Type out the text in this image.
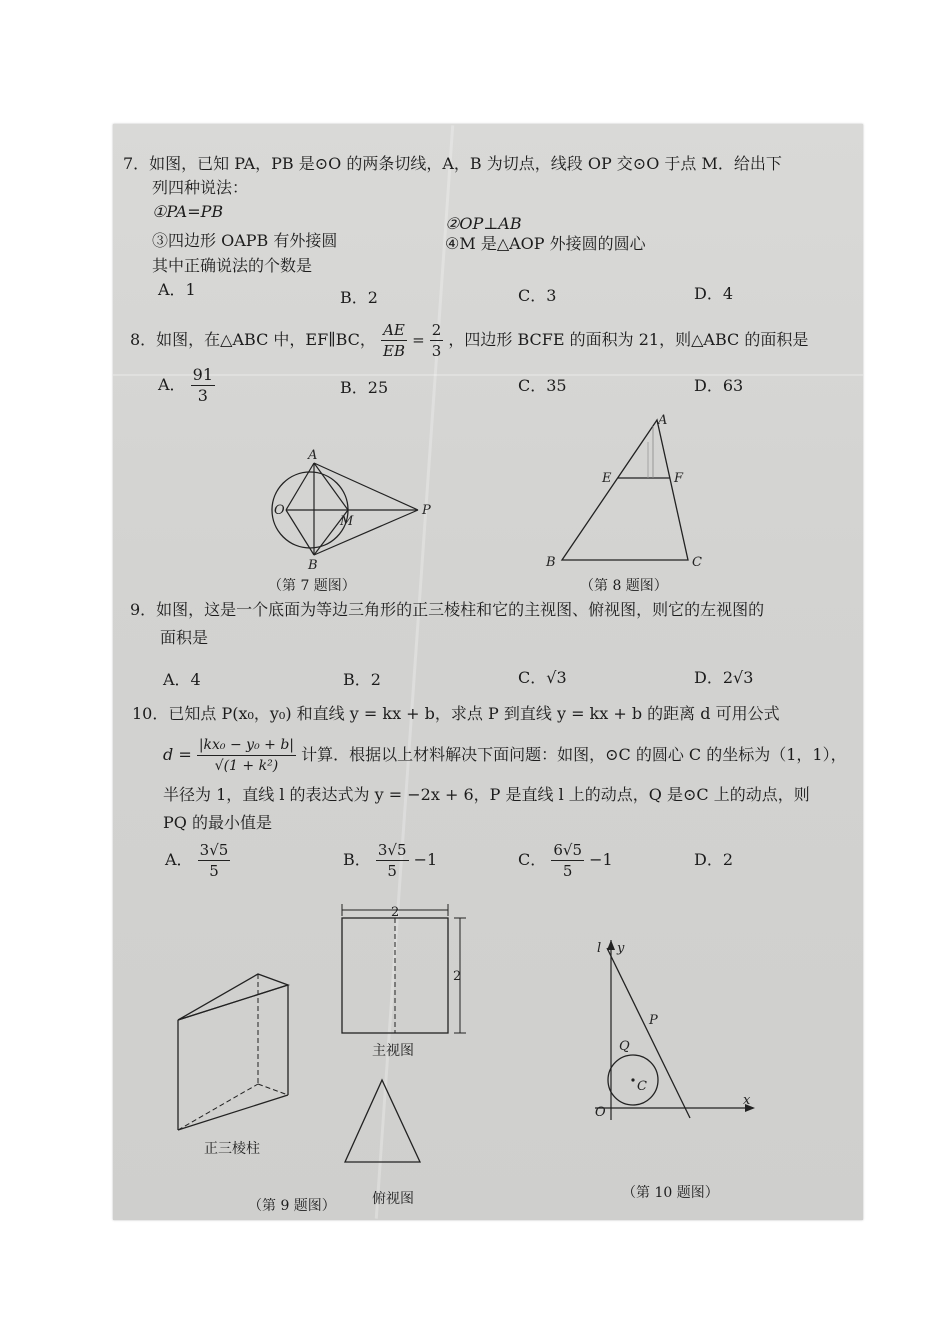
7．如图，已知 PA，PB 是⊙O 的两条切线，A，B 为切点，线段 OP 交⊙O 于点 M．给出下
列四种说法：
①PA=PB
②OP⊥AB
③四边形 OAPB 有外接圆	④M 是△AOP 外接圆的圆心
其中正确说法的个数是
A．1	B．2	C．3	D．4
8．如图，在△ABC 中，EF∥BC， $\frac{AE}{EB} = \frac{2}{3}$ ，四边形 BCFE 的面积为 21，则△ABC 的面积是
A． $\frac{91}{3}$	B．25	C．35	D．63
A
O
M
P
B
（第 7 题图）
A
E	F
B	C
（第 8 题图）
9．如图，这是一个底面为等边三角形的正三棱柱和它的主视图、俯视图，则它的左视图的
面积是
A．4	B．2	C．√3	D．2√3
10．已知点 P(x₀，y₀) 和直线 y = kx + b，求点 P 到直线 y = kx + b 的距离 d 可用公式
$d = \frac{\text{|kx₀ − y₀ + b|}}{\text{√(1 + k²)}}$ 计算．根据以上材料解决下面问题：如图，⊙C 的圆心 C 的坐标为（1，1），
半径为 1，直线 l 的表达式为 y = −2x + 6，P 是直线 l 上的动点，Q 是⊙C 上的动点，则
PQ 的最小值是
A． $\frac{3√5}{5}$	B． $\frac{3√5}{5} -1$	C． $\frac{6√5}{5} -1$	D．2
2
2
主视图
正三棱柱
俯视图
（第 9 题图）
l y
P
Q
C
O
x
（第 10 题图）
